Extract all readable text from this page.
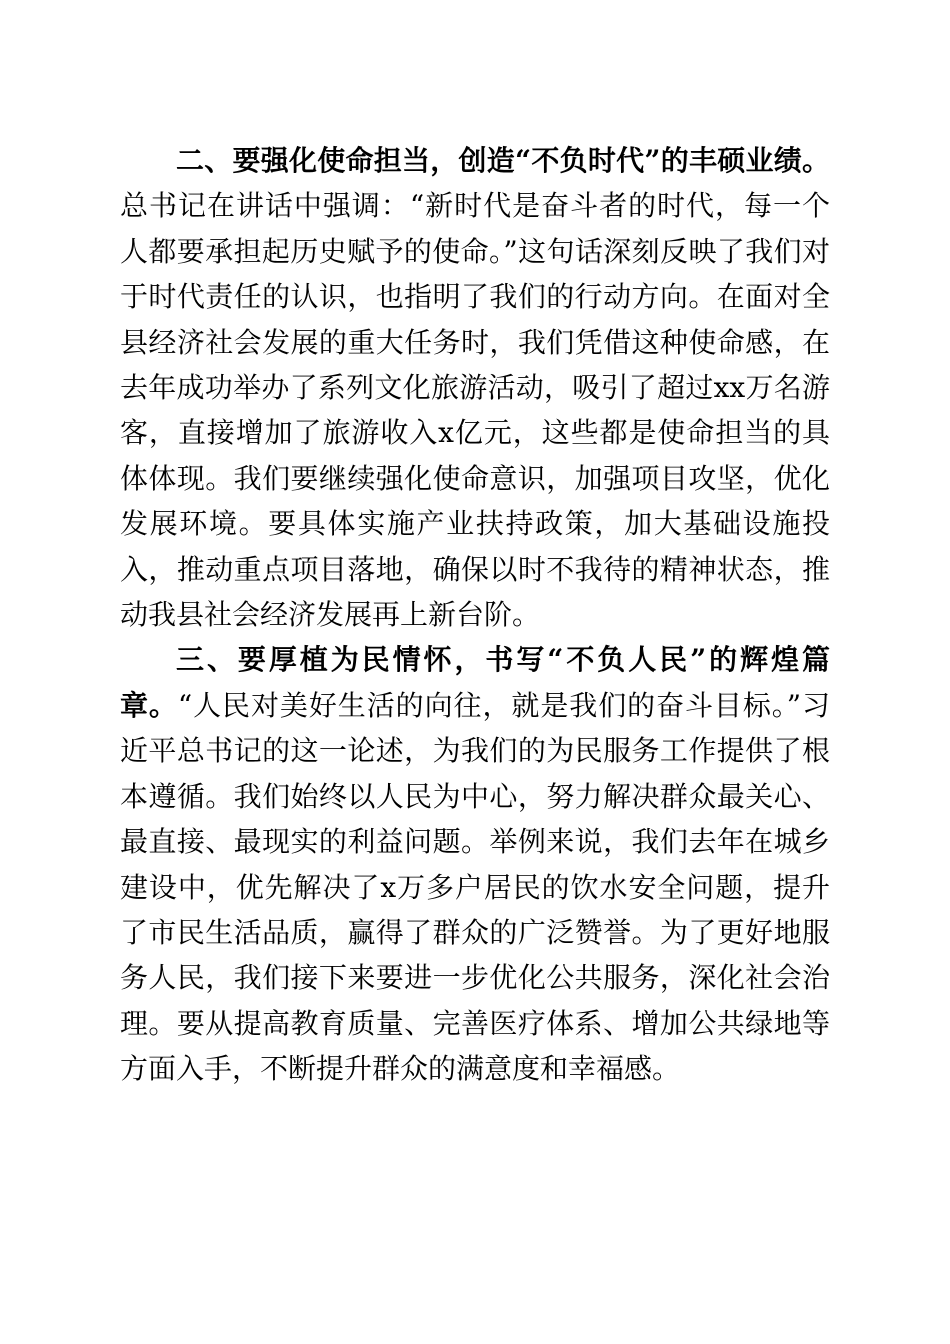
二、要强化使命担当，创造“不负时代”的丰硕业绩。总书记在讲话中强调：“新时代是奋斗者的时代，每一个人都要承担起历史赋予的使命。”这句话深刻反映了我们对于时代责任的认识，也指明了我们的行动方向。在面对全县经济社会发展的重大任务时，我们凭借这种使命感，在去年成功举办了系列文化旅游活动，吸引了超过xx万名游客，直接增加了旅游收入x亿元，这些都是使命担当的具体体现。我们要继续强化使命意识，加强项目攻坚，优化发展环境。要具体实施产业扶持政策，加大基础设施投入，推动重点项目落地，确保以时不我待的精神状态，推动我县社会经济发展再上新台阶。

三、要厚植为民情怀，书写“不负人民”的辉煌篇章。“人民对美好生活的向往，就是我们的奋斗目标。”习近平总书记的这一论述，为我们的为民服务工作提供了根本遵循。我们始终以人民为中心，努力解决群众最关心、最直接、最现实的利益问题。举例来说，我们去年在城乡建设中，优先解决了x万多户居民的饮水安全问题，提升了市民生活品质，赢得了群众的广泛赞誉。为了更好地服务人民，我们接下来要进一步优化公共服务，深化社会治理。要从提高教育质量、完善医疗体系、增加公共绿地等方面入手，不断提升群众的满意度和幸福感。
